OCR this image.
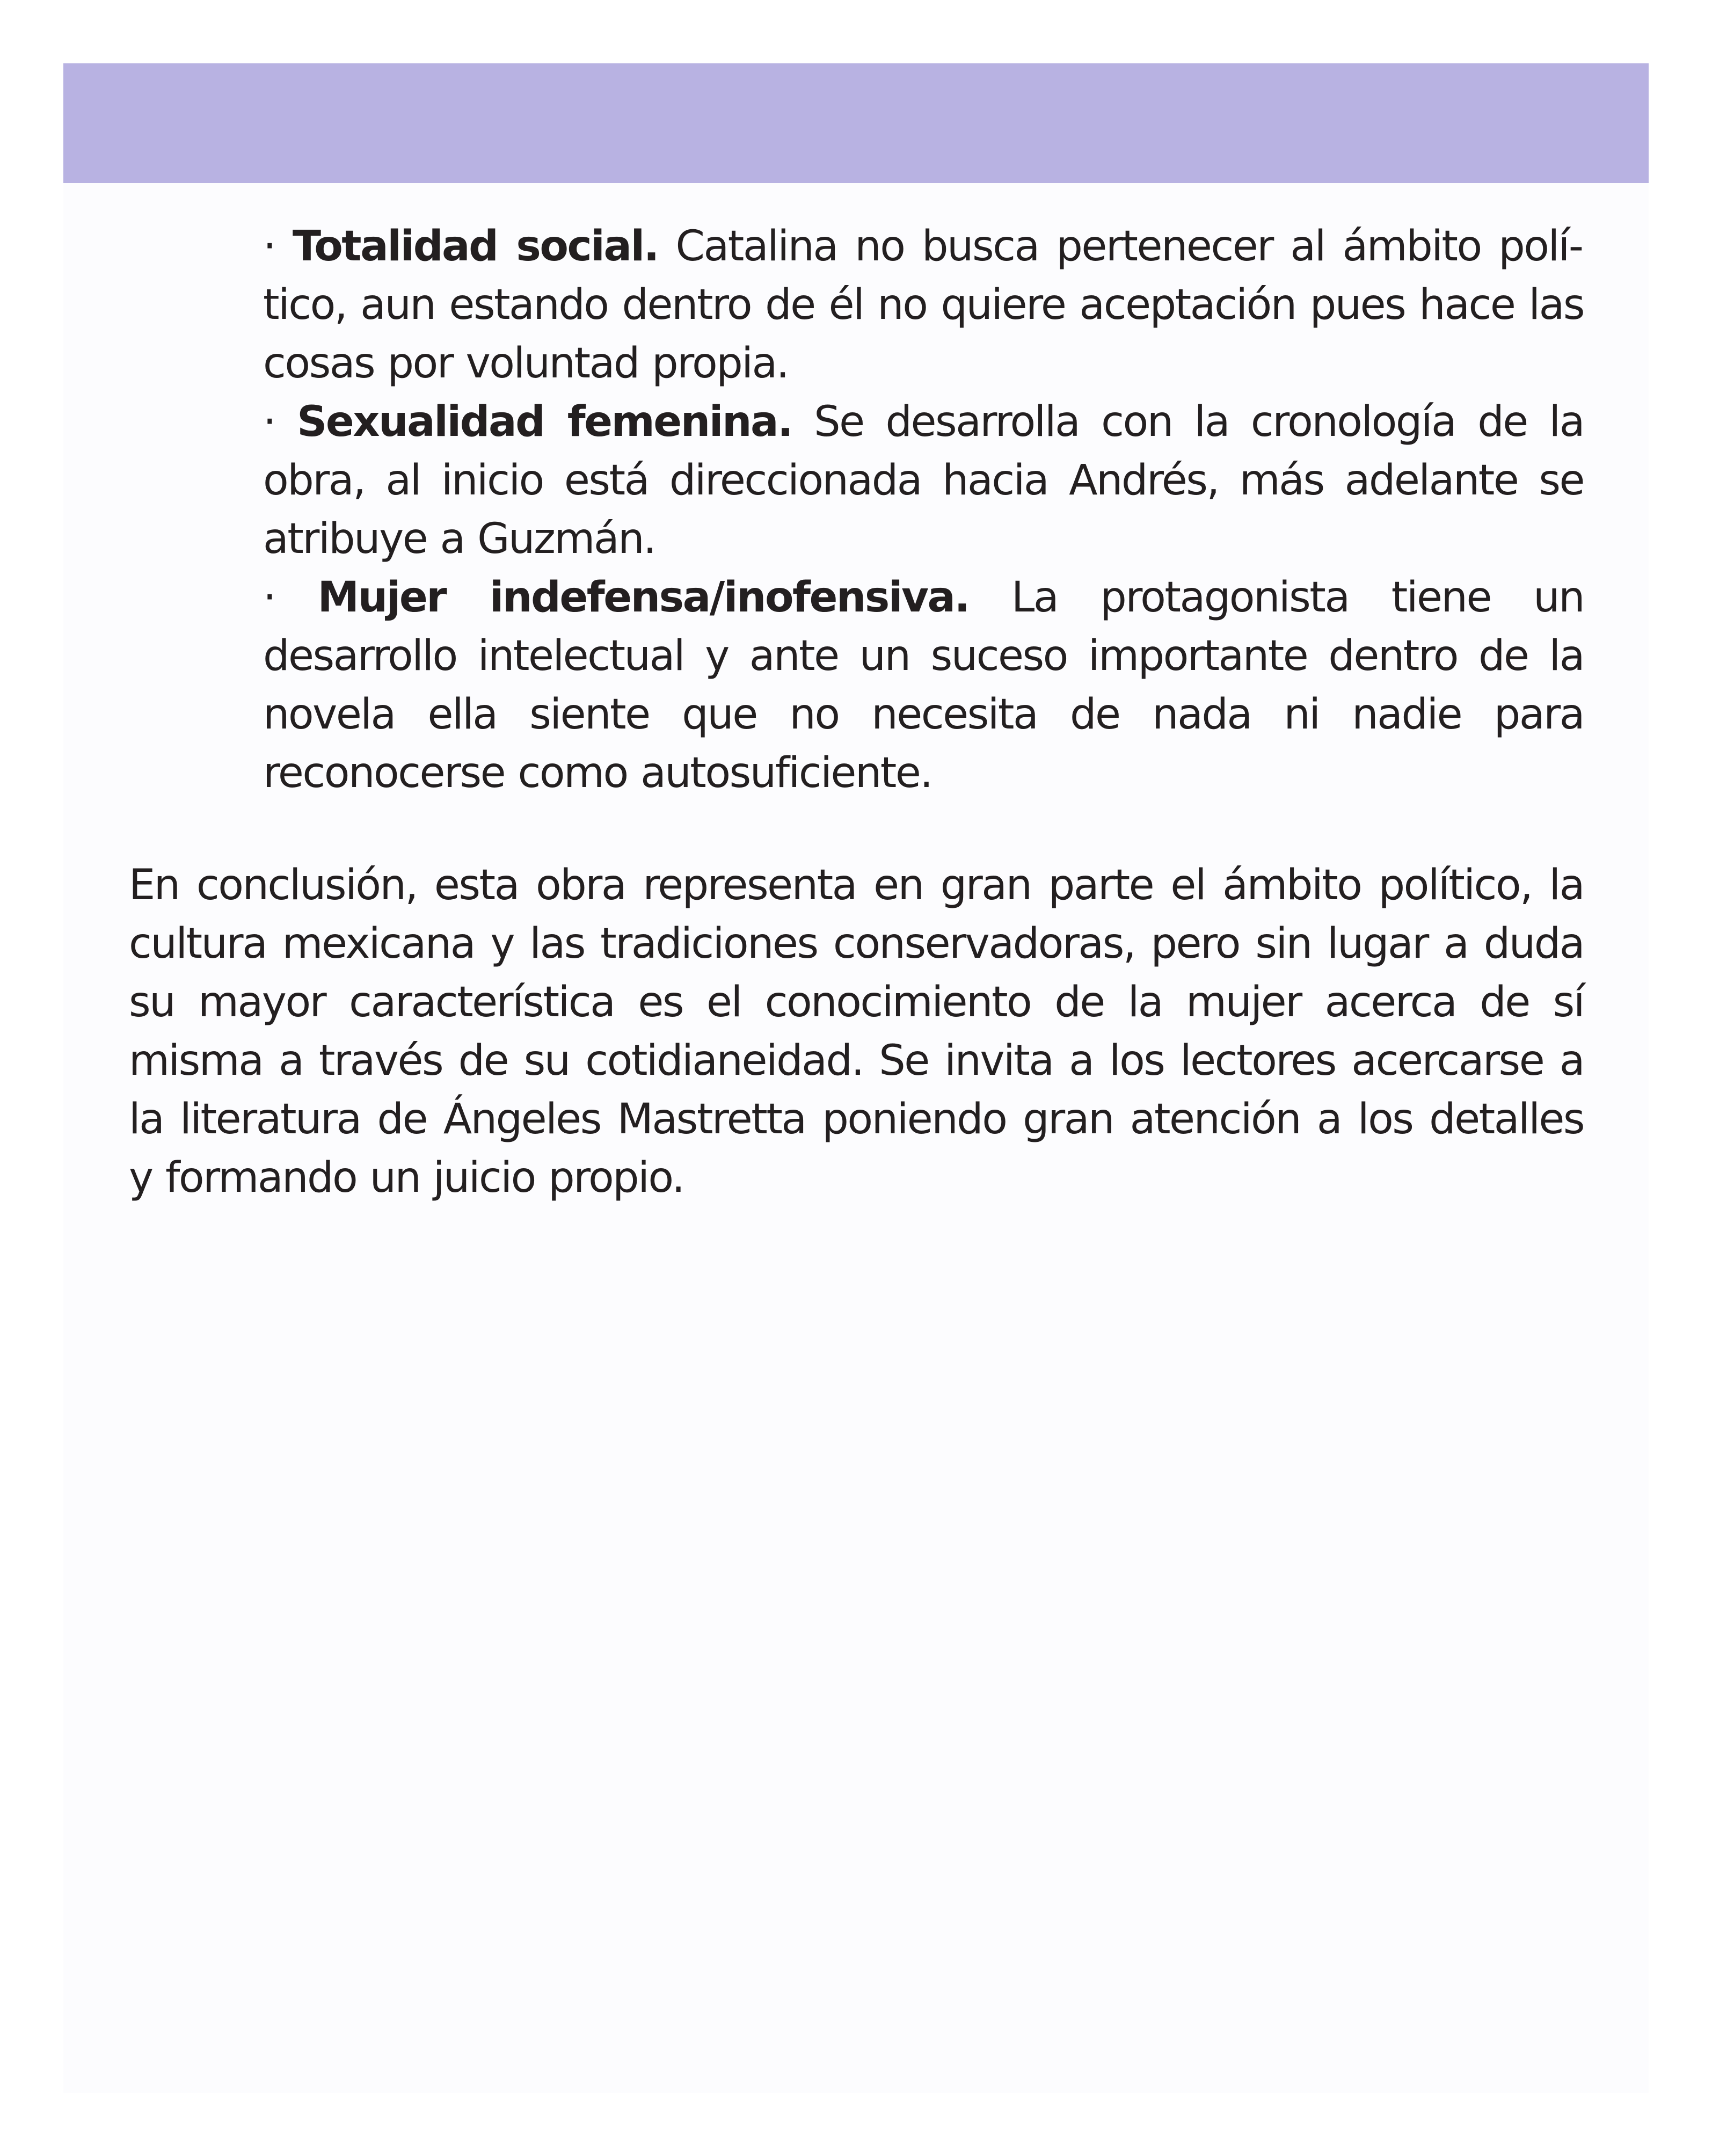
· Totalidad social. Catalina no busca pertenecer al ámbito político, aun estando dentro de él no quiere aceptación pues hace las cosas por voluntad propia.
· Sexualidad femenina. Se desarrolla con la cronología de la obra, al inicio está direccionada hacia Andrés, más adelante se atribuye a Guzmán.
· Mujer indefensa/inofensiva. La protagonista tiene un desarrollo intelectual y ante un suceso importante dentro de la novela ella siente que no necesita de nada ni nadie para reconocerse como autosuficiente.

En conclusión, esta obra representa en gran parte el ámbito político, la cultura mexicana y las tradiciones conservadoras, pero sin lugar a duda su mayor característica es el conocimiento de la mujer acerca de sí misma a través de su cotidianeidad. Se invita a los lectores acercarse a la literatura de Ángeles Mastretta poniendo gran atención a los detalles y formando un juicio propio.
